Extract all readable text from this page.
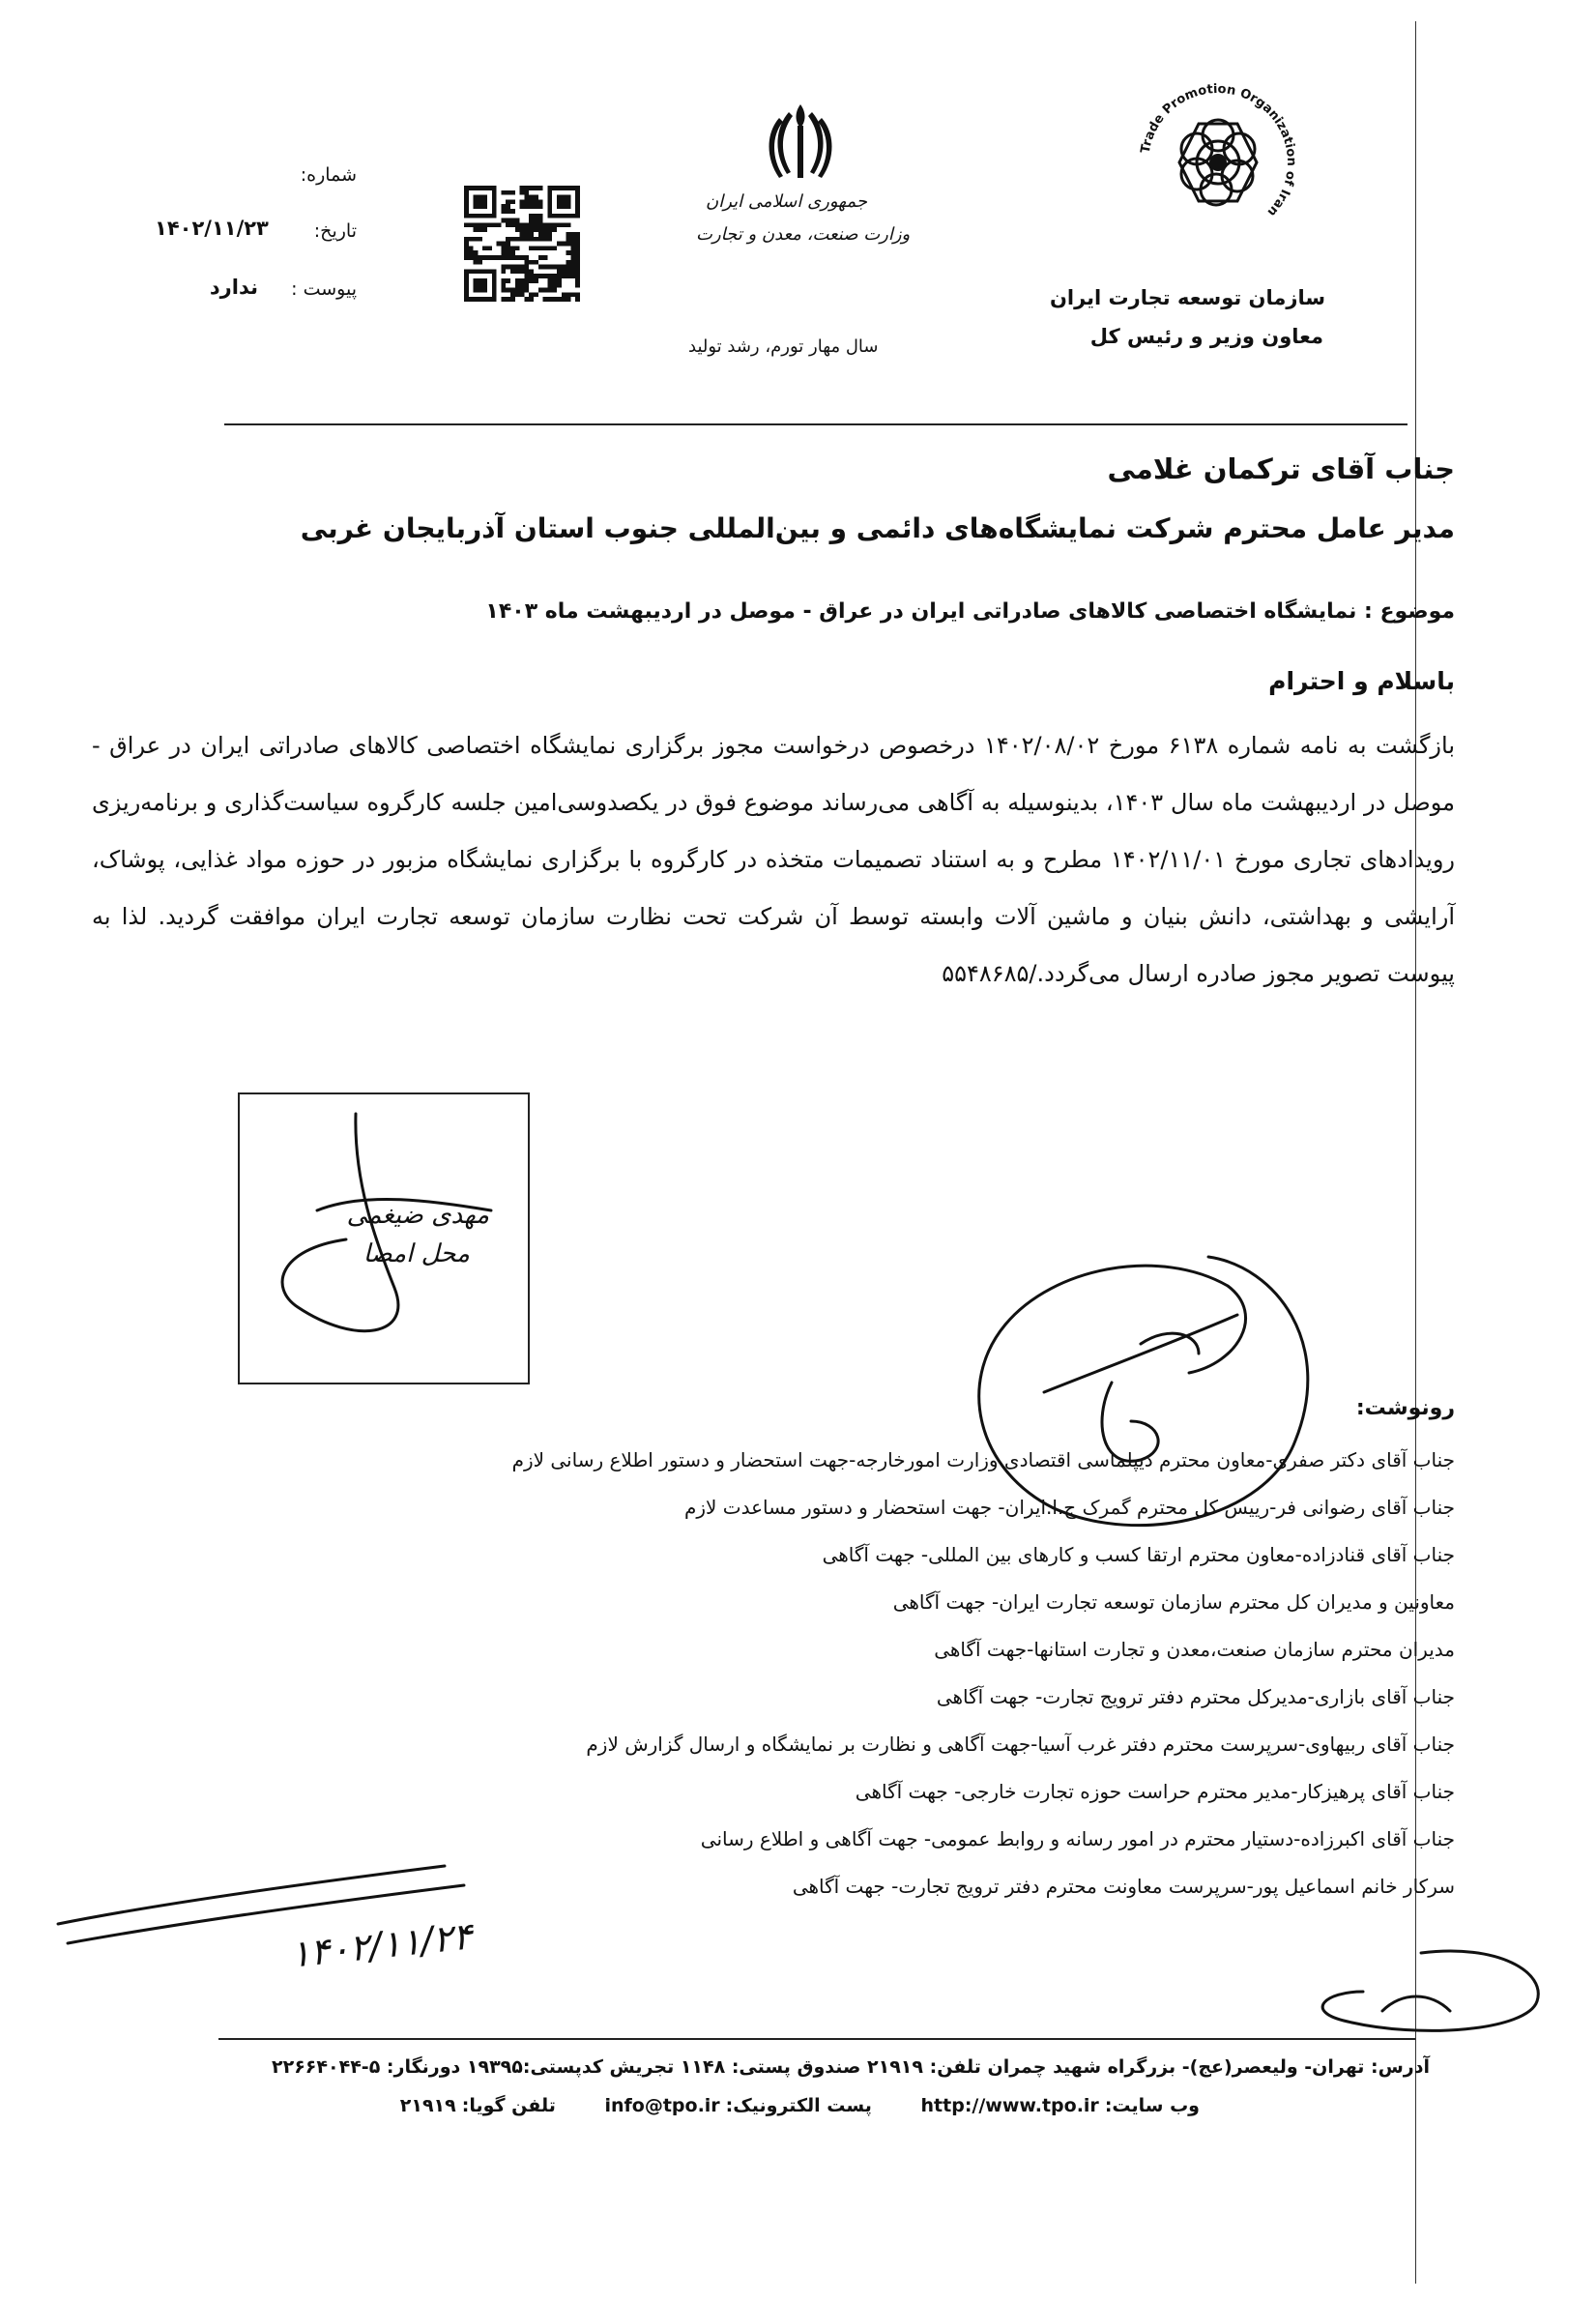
Trade Promotion Organization of Iran
سازمان توسعه تجارت ایران
معاون وزیر و رئیس کل
جمهوری اسلامی ایران
وزارت صنعت، معدن و تجارت
سال مهار تورم، رشد تولید
شماره:
تاریخ:
۱۴۰۲/۱۱/۲۳
پیوست :
ندارد
جناب آقای ترکمان غلامی
مدیر عامل محترم شرکت نمایشگاه‌های دائمی و بین‌المللی جنوب استان آذربایجان غربی
موضوع : نمایشگاه اختصاصی کالاهای صادراتی ایران در عراق - موصل در اردیبهشت ماه ۱۴۰۳
باسلام و احترام
بازگشت به نامه شماره ۶۱۳۸ مورخ ۱۴۰۲/۰۸/۰۲ درخصوص درخواست مجوز برگزاری نمایشگاه اختصاصی کالاهای صادراتی ایران در عراق - موصل در اردیبهشت ماه سال ۱۴۰۳، بدینوسیله به آگاهی می‌رساند موضوع فوق در یکصدوسی‌امین جلسه کارگروه سیاست‌گذاری و برنامه‌ریزی رویدادهای تجاری مورخ ۱۴۰۲/۱۱/۰۱ مطرح و به استناد تصمیمات متخذه در کارگروه با برگزاری نمایشگاه مزبور در حوزه مواد غذایی، پوشاک، آرایشی و بهداشتی، دانش بنیان و ماشین آلات وابسته توسط آن شرکت تحت نظارت سازمان توسعه تجارت ایران موافقت گردید. لذا به پیوست تصویر مجوز صادره ارسال می‌گردد./۵۵۴۸۶۸۵
مهدی ضیغمی
محل امضا
رونوشت:
جناب آقای دکتر صفری-معاون محترم دیپلماسی اقتصادی وزارت امورخارجه-جهت استحضار و دستور اطلاع رسانی لازم
جناب آقای رضوانی فر-رییس کل محترم گمرک ج.ا.ایران- جهت استحضار و دستور مساعدت لازم
جناب آقای قنادزاده-معاون محترم ارتقا کسب و کارهای بین المللی- جهت آگاهی
معاونین و مدیران کل محترم سازمان توسعه تجارت ایران- جهت آگاهی
مدیران محترم سازمان صنعت،معدن و تجارت استانها-جهت آگاهی
جناب آقای بازاری-مدیرکل محترم دفتر ترویج تجارت- جهت آگاهی
جناب آقای ربیهاوی-سرپرست محترم دفتر غرب آسیا-جهت آگاهی و نظارت بر نمایشگاه و ارسال گزارش لازم
جناب آقای پرهیزکار-مدیر محترم حراست حوزه تجارت خارجی- جهت آگاهی
جناب آقای اکبرزاده-دستیار محترم در امور رسانه و روابط عمومی- جهت آگاهی و اطلاع رسانی
سرکار خانم اسماعیل پور-سرپرست معاونت محترم دفتر ترویج تجارت- جهت آگاهی
۱۴۰۲/۱۱/۲۴
آدرس: تهران- ولیعصر(عج)- بزرگراه شهید چمران تلفن: ۲۱۹۱۹ صندوق پستی: ۱۱۴۸ تجریش کدپستی:۱۹۳۹۵ دورنگار: ۵-۲۲۶۶۴۰۴۴
وب سایت:http://www.tpo.ir پست الکترونیک:info@tpo.ir تلفن گویا:۲۱۹۱۹
